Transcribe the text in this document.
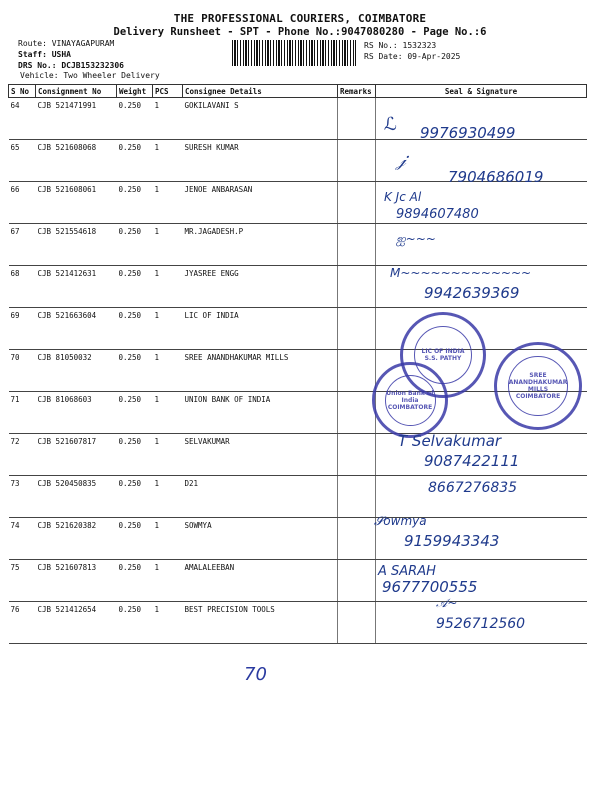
THE PROFESSIONAL COURIERS, COIMBATORE
Delivery Runsheet - SPT - Phone No.:9047080280 - Page No.:6
Route: VINAYAGAPURAM
Staff: USHA
DRS No.: DCJB153232306
RS No.: 1532323
RS Date: 09-Apr-2025
Vehicle: Two Wheeler Delivery
S No	Consignment No	Weight	PCS	Consignee Details	Remarks	Seal & Signature
64	CJB 521471991	0.250	1	GOKILAVANI S		
65	CJB 521608068	0.250	1	SURESH KUMAR		
66	CJB 521608061	0.250	1	JENOE ANBARASAN		
67	CJB 521554618	0.250	1	MR.JAGADESH.P		
68	CJB 521412631	0.250	1	JYASREE ENGG		
69	CJB 521663604	0.250	1	LIC OF INDIA		
70	CJB 81050032	0.250	1	SREE ANANDHAKUMAR MILLS		
71	CJB 81068603	0.250	1	UNION BANK OF INDIA		
72	CJB 521607817	0.250	1	SELVAKUMAR		
73	CJB 520450835	0.250	1	D21		
74	CJB 521620382	0.250	1	SOWMYA		
75	CJB 521607813	0.250	1	AMALALEEBAN		
76	CJB 521412654	0.250	1	BEST PRECISION TOOLS		
9976930499
ℒ
7904686019
𝒿
K Jc Al
9894607480
ஐ~~~
9942639369
M~~~~~~~~~~~~~
LIC OF INDIA
S.S. PATHY
SREE ANANDHAKUMAR MILLS
COIMBATORE
Union Bank of India
COIMBATORE
T Selvakumar
9087422111
8667276835
𝓢owmya
9159943343
A SARAH
9677700555
𝒜~
9526712560
70
